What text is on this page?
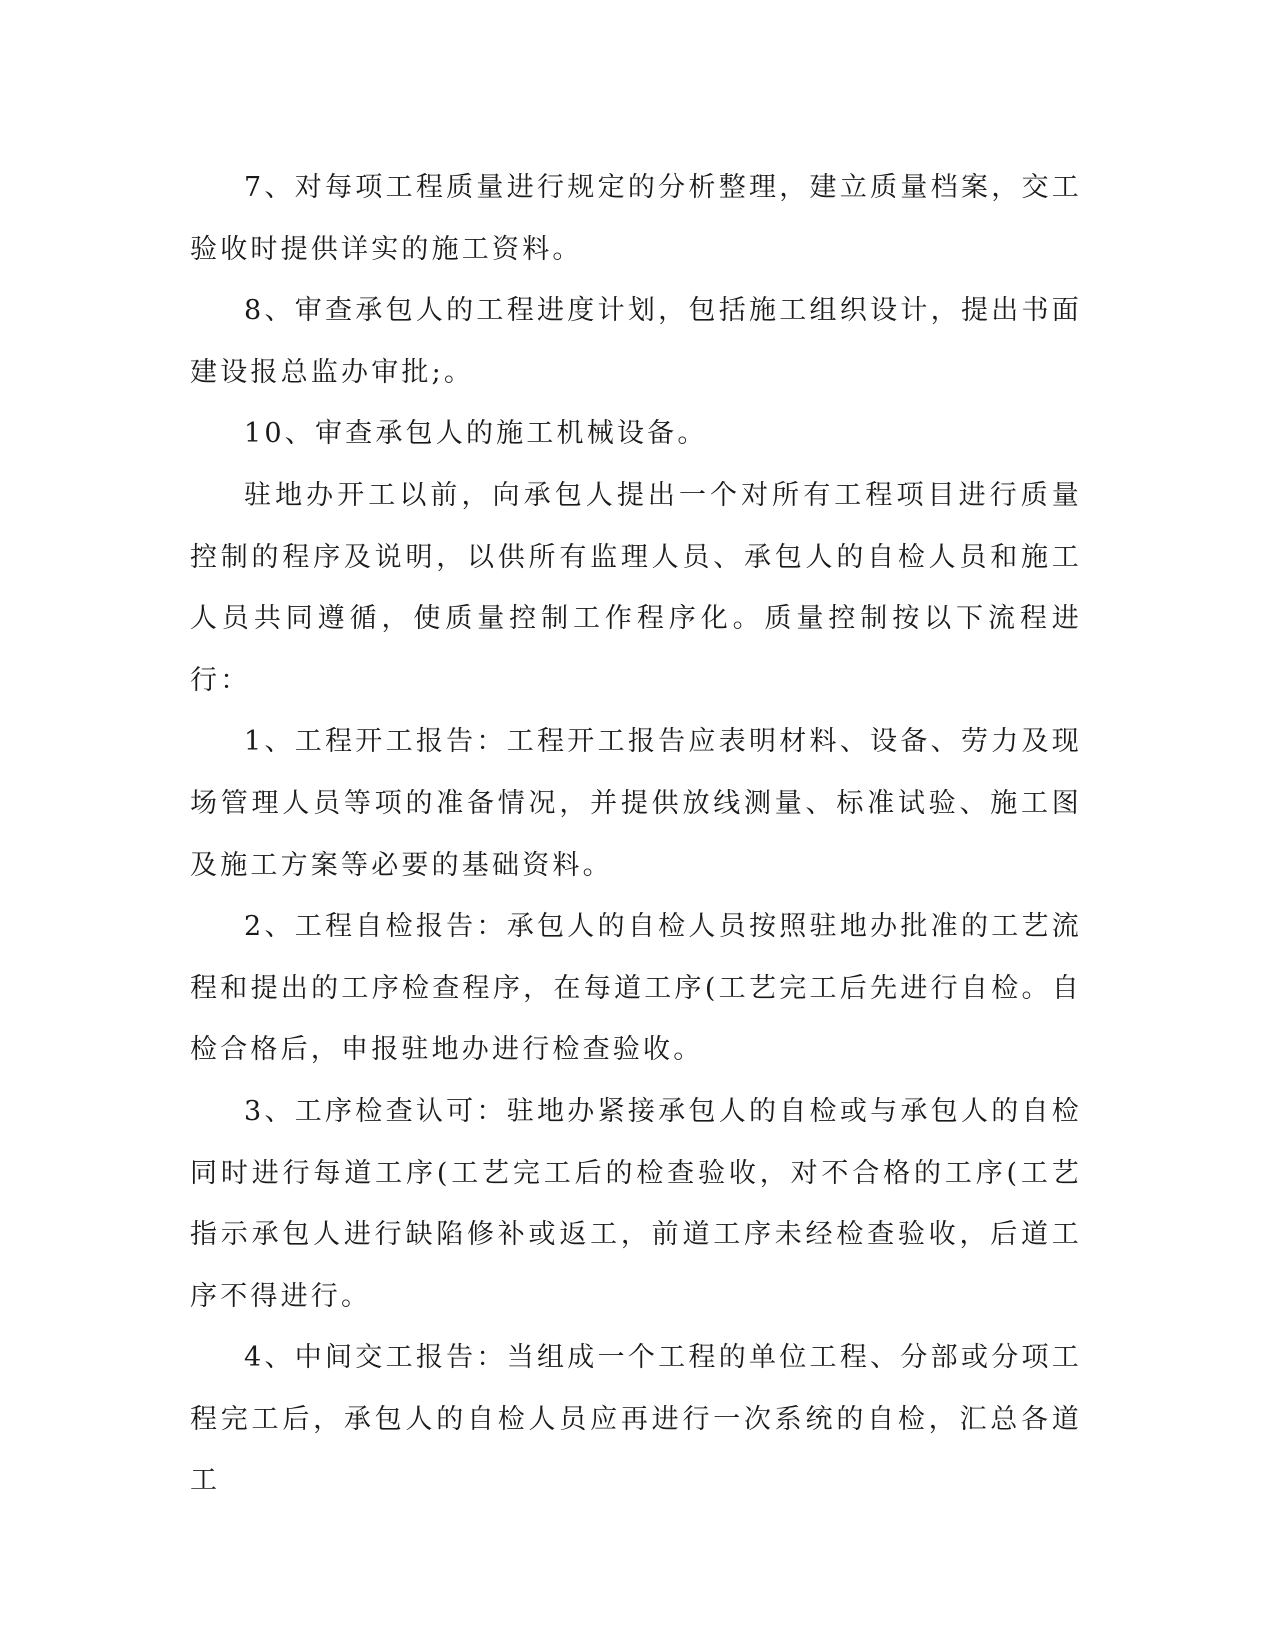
7、对每项工程质量进行规定的分析整理，建立质量档案，交工验收时提供详实的施工资料。

8、审查承包人的工程进度计划，包括施工组织设计，提出书面建设报总监办审批;。

10、审查承包人的施工机械设备。

驻地办开工以前，向承包人提出一个对所有工程项目进行质量控制的程序及说明，以供所有监理人员、承包人的自检人员和施工人员共同遵循，使质量控制工作程序化。质量控制按以下流程进行：

1、工程开工报告：工程开工报告应表明材料、设备、劳力及现场管理人员等项的准备情况，并提供放线测量、标准试验、施工图及施工方案等必要的基础资料。

2、工程自检报告：承包人的自检人员按照驻地办批准的工艺流程和提出的工序检查程序，在每道工序(工艺完工后先进行自检。自检合格后，申报驻地办进行检查验收。

3、工序检查认可：驻地办紧接承包人的自检或与承包人的自检同时进行每道工序(工艺完工后的检查验收，对不合格的工序(工艺指示承包人进行缺陷修补或返工，前道工序未经检查验收，后道工序不得进行。

4、中间交工报告：当组成一个工程的单位工程、分部或分项工程完工后，承包人的自检人员应再进行一次系统的自检，汇总各道工
